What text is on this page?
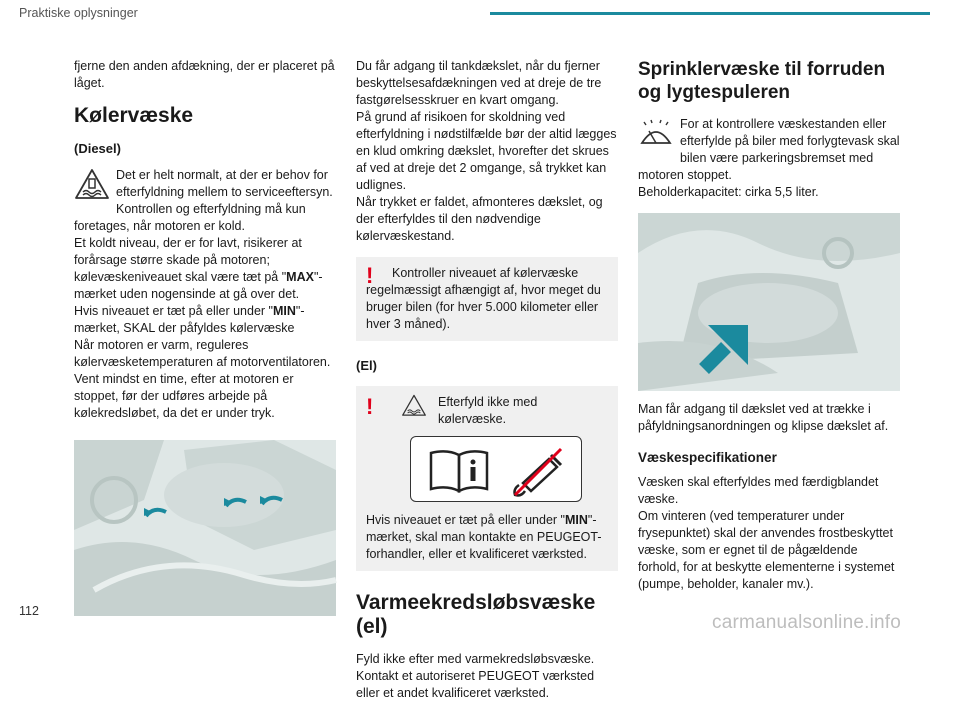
Praktiske oplysninger

fjerne den anden afdækning, der er placeret på låget.

Kølervæske
(Diesel)

Det er helt normalt, at der er behov for efterfyldning mellem to serviceeftersyn.

Kontrollen og efterfyldning må kun foretages, når motoren er kold.

Et koldt niveau, der er for lavt, risikerer at forårsage større skade på motoren; kølevæskeniveauet skal være tæt på "MAX"-mærket uden nogensinde at gå over det.

Hvis niveauet er tæt på eller under "MIN"-mærket, SKAL der påfyldes kølervæske

Når motoren er varm, reguleres kølervæsketemperaturen af motorventilatoren.

Vent mindst en time, efter at motoren er stoppet, før der udføres arbejde på kølekredsløbet, da det er under tryk.

Du får adgang til tankdækslet, når du fjerner beskyttelsesafdækningen ved at dreje de tre fastgørelsesskruer en kvart omgang.

På grund af risikoen for skoldning ved efterfyldning i nødstilfælde bør der altid lægges en klud omkring dækslet, hvorefter det skrues af ved at dreje det 2 omgange, så trykket kan udlignes.

Når trykket er faldet, afmonteres dækslet, og der efterfyldes til den nødvendige kølervæskestand.

!	Kontroller niveauet af kølervæske regelmæssigt afhængigt af, hvor meget du bruger bilen (for hver 5.000 kilometer eller hver 3 måned).

(El)
!	Efterfyld ikke med kølervæske.

Hvis niveauet er tæt på eller under "MIN"-mærket, skal man kontakte en PEUGEOT-forhandler, eller et kvalificeret værksted.

Varmeekredsløbsvæske (el)

Fyld ikke efter med varmekredsløbsvæske.

Kontakt et autoriseret PEUGEOT værksted eller et andet kvalificeret værksted.

Sprinklervæske til forruden og lygtespuleren

For at kontrollere væskestanden eller efterfylde på biler med forlygtevask skal bilen være parkeringsbremset med motoren stoppet.

Beholderkapacitet: cirka 5,5 liter.

Man får adgang til dækslet ved at trække i påfyldningsanordningen og klipse dækslet af.

Væskespecifikationer

Væsken skal efterfyldes med færdigblandet væske.

Om vinteren (ved temperaturer under frysepunktet) skal der anvendes frostbeskyttet væske, som er egnet til de pågældende forhold, for at beskytte elementerne i systemet (pumpe, beholder, kanaler mv.).

112
carmanualsonline.info
